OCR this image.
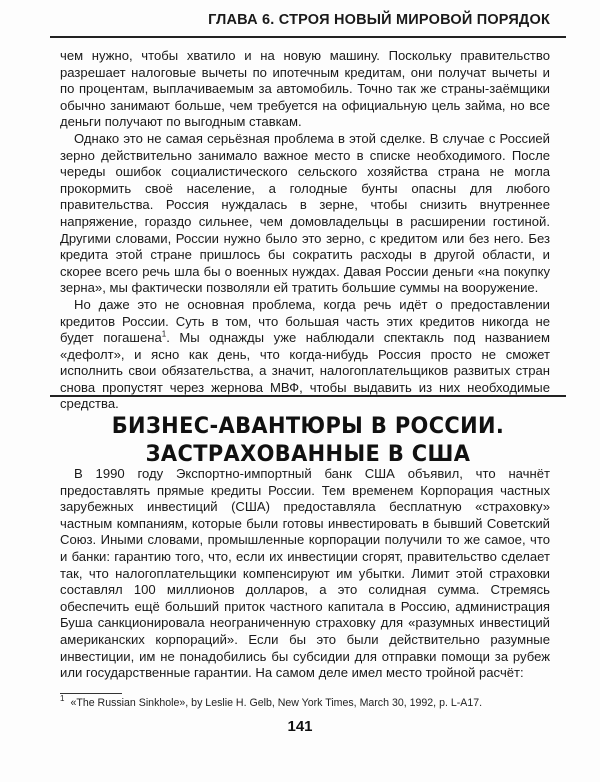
ГЛАВА 6. СТРОЯ НОВЫЙ МИРОВОЙ ПОРЯДОК

чем нужно, чтобы хватило и на новую машину. Поскольку правительство разрешает налоговые вычеты по ипотечным кредитам, они получат вычеты и по процентам, выплачиваемым за автомобиль. Точно так же страны-заёмщики обычно занимают больше, чем требуется на официальную цель займа, но все деньги получают по выгодным ставкам.

Однако это не самая серьёзная проблема в этой сделке. В случае с Россией зерно действительно занимало важное место в списке необходимого. После череды ошибок социалистического сельского хозяйства страна не могла прокормить своё население, а голодные бунты опасны для любого правительства. Россия нуждалась в зерне, чтобы снизить внутреннее напряжение, гораздо сильнее, чем домовладельцы в расширении гостиной. Другими словами, России нужно было это зерно, с кредитом или без него. Без кредита этой стране пришлось бы сократить расходы в другой области, и скорее всего речь шла бы о военных нуждах. Давая России деньги «на покупку зерна», мы фактически позволяли ей тратить большие суммы на вооружение.

Но даже это не основная проблема, когда речь идёт о предоставлении кредитов России. Суть в том, что большая часть этих кредитов никогда не будет погашена$^1$. Мы однажды уже наблюдали спектакль под названием «дефолт», и ясно как день, что когда-нибудь Россия просто не сможет исполнить свои обязательства, а значит, налогоплательщиков развитых стран снова пропустят через жернова МВФ, чтобы выдавить из них необходимые средства.

БИЗНЕС-АВАНТЮРЫ В РОССИИ.
ЗАСТРАХОВАННЫЕ В США

В 1990 году Экспортно-импортный банк США объявил, что начнёт предоставлять прямые кредиты России. Тем временем Корпорация частных зарубежных инвестиций (США) предоставляла бесплатную «страховку» частным компаниям, которые были готовы инвестировать в бывший Советский Союз. Иными словами, промышленные корпорации получили то же самое, что и банки: гарантию того, что, если их инвестиции сгорят, правительство сделает так, что налогоплательщики компенсируют им убытки. Лимит этой страховки составлял 100 миллионов долларов, а это солидная сумма. Стремясь обеспечить ещё больший приток частного капитала в Россию, администрация Буша санкционировала неограниченную страховку для «разумных инвестиций американских корпораций». Если бы это были действительно разумные инвестиции, им не понадобились бы субсидии для отправки помощи за рубеж или государственные гарантии. На самом деле имел место тройной расчёт:

$^1$ «The Russian Sinkhole», by Leslie H. Gelb, New York Times, March 30, 1992, p. L-A17.
141
